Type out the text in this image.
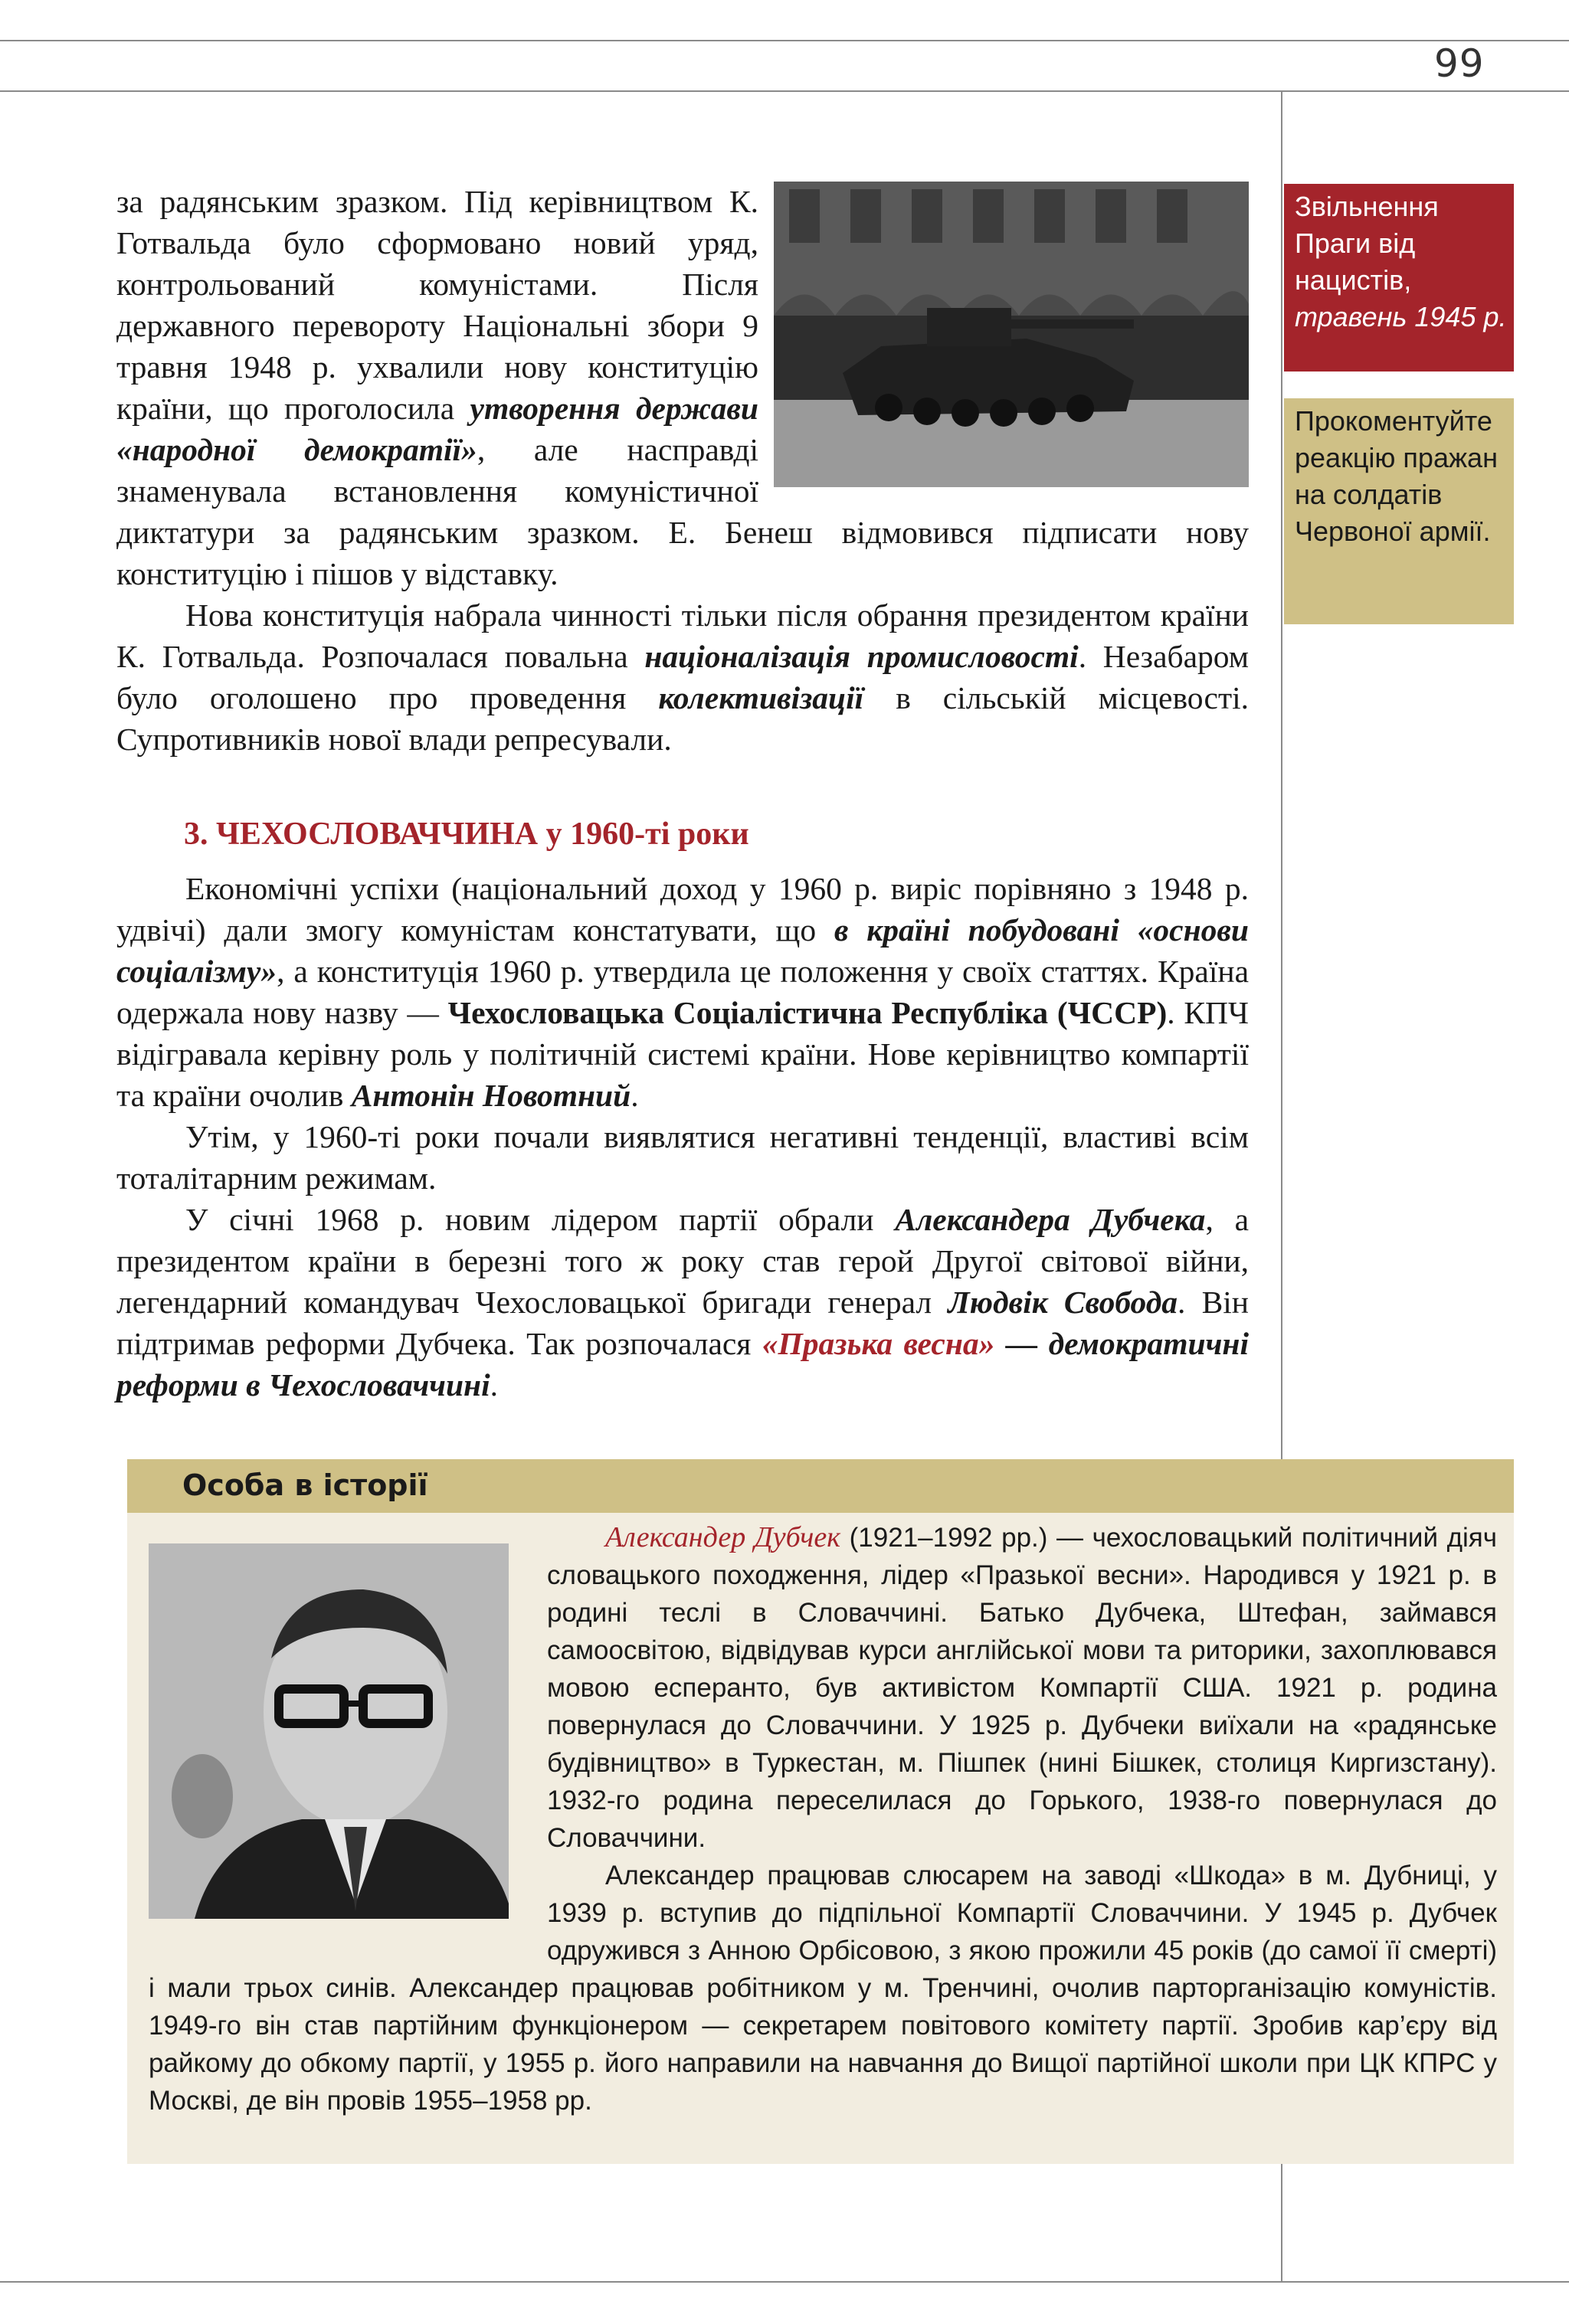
99
Звільнення Праги від нацистів,
травень 1945 р.
Прокоментуйте реакцію пражан на солдатів Червоної армії.

за радянським зразком. Під керівництвом К. Готвальда було сформовано новий уряд, контрольований комуністами. Після державного перевороту Національні збори 9 травня 1948 р. ухвалили нову конституцію країни, що проголосила утворення держави «народної демократії», але насправді знаменувала встановлення комуністичної диктатури за радянським зразком. Е. Бенеш відмовився підписати нову конституцію і пішов у відставку.

Нова конституція набрала чинності тільки після обрання президентом країни К. Готвальда. Розпочалася повальна націоналізація промисловості. Незабаром було оголошено про проведення колективізації в сільській місцевості. Супротивників нової влади репресували.

3. ЧЕХОСЛОВАЧЧИНА у 1960-ті роки

Економічні успіхи (національний доход у 1960 р. виріс порівняно з 1948 р. удвічі) дали змогу комуністам констатувати, що в країні побудовані «основи соціалізму», а конституція 1960 р. утвердила це положення у своїх статтях. Країна одержала нову назву — Чехословацька Соціалістична Республіка (ЧССР). КПЧ відігравала керівну роль у політичній системі країни. Нове керівництво компартії та країни очолив Антонін Новотний.

Утім, у 1960-ті роки почали виявлятися негативні тенденції, властиві всім тоталітарним режимам.

У січні 1968 р. новим лідером партії обрали Александера Дубчека, а президентом країни в березні того ж року став герой Другої світової війни, легендарний командувач Чехословацької бригади генерал Людвік Свобода. Він підтримав реформи Дубчека. Так розпочалася «Празька весна» — демократичні реформи в Чехословаччині.

Особа в історії

Александер Дубчек (1921–1992 рр.) — чехословацький політичний діяч словацького походження, лідер «Празької весни». Народився у 1921 р. в родині теслі в Словаччині. Батько Дубчека, Штефан, займався самоосвітою, відвідував курси англійської мови та риторики, захоплювався мовою есперанто, був активістом Компартії США. 1921 р. родина повернулася до Словаччини. У 1925 р. Дубчеки виїхали на «радянське будівництво» в Туркестан, м. Пішпек (нині Бішкек, столиця Киргизстану). 1932-го родина переселилася до Горького, 1938-го повернулася до Словаччини.

Александер працював слюсарем на заводі «Шкода» в м. Дубниці, у 1939 р. вступив до підпільної Компартії Словаччини. У 1945 р. Дубчек одружився з Анною Орбісовою, з якою прожили 45 років (до самої її смерті) і мали трьох синів. Александер працював робітником у м. Тренчині, очолив парторганізацію комуністів. 1949-го він став партійним функціонером — секретарем повітового комітету партії. Зробив кар’єру від райкому до обкому партії, у 1955 р. його направили на навчання до Вищої партійної школи при ЦК КПРС у Москві, де він провів 1955–1958 рр.
